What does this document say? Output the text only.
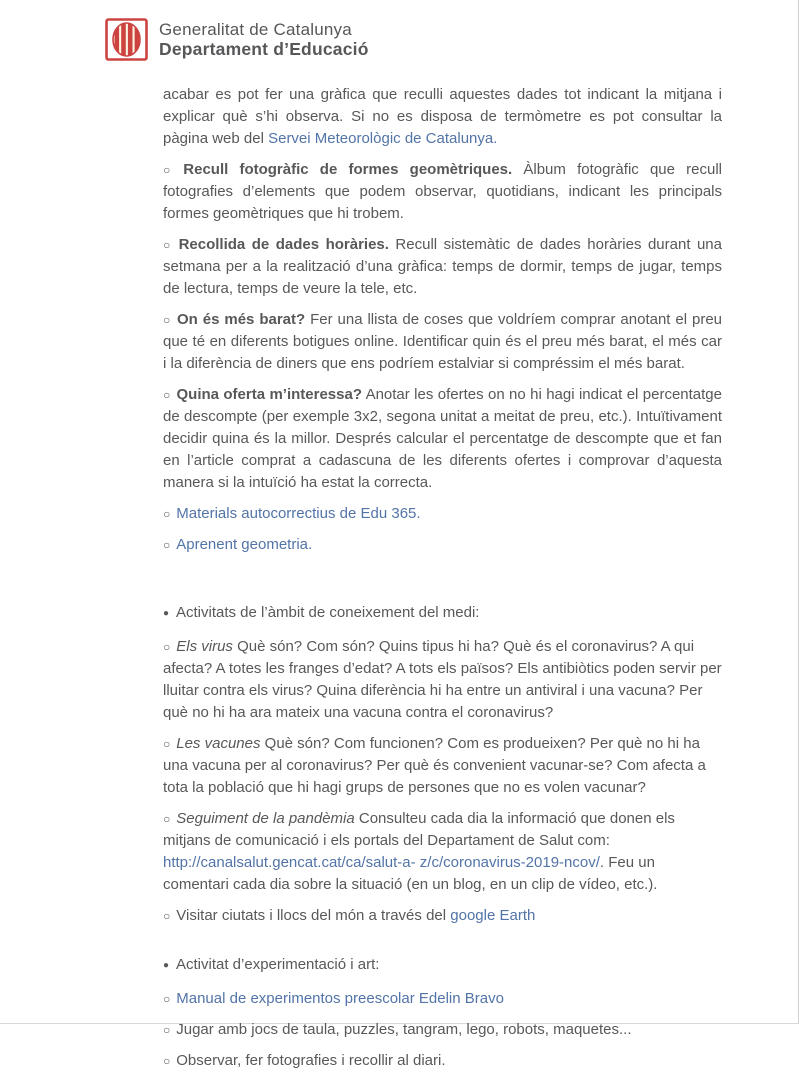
Generalitat de Catalunya
Departament d’Educació

acabar es pot fer una gràfica que reculli aquestes dades tot indicant la mitjana i explicar què s’hi observa. Si no es disposa de termòmetre es pot consultar la pàgina web del Servei Meteorològic de Catalunya.

○ Recull fotogràfic de formes geomètriques. Àlbum fotogràfic que recull fotografies d’elements que podem observar, quotidians, indicant les principals formes geomètriques que hi trobem.

○ Recollida de dades horàries. Recull sistemàtic de dades horàries durant una setmana per a la realització d’una gràfica: temps de dormir, temps de jugar, temps de lectura, temps de veure la tele, etc.

○ On és més barat? Fer una llista de coses que voldríem comprar anotant el preu que té en diferents botigues online. Identificar quin és el preu més barat, el més car i la diferència de diners que ens podríem estalviar si compréssim el més barat.

○ Quina oferta m’interessa? Anotar les ofertes on no hi hagi indicat el percentatge de descompte (per exemple 3x2, segona unitat a meitat de preu, etc.). Intuïtivament decidir quina és la millor. Després calcular el percentatge de descompte que et fan en l’article comprat a cadascuna de les diferents ofertes i comprovar d’aquesta manera si la intuïció ha estat la correcta.

○ Materials autocorrectius de Edu 365.

○ Aprenent geometria.

● Activitats de l’àmbit de coneixement del medi:

○ Els virus Què són? Com són? Quins tipus hi ha? Què és el coronavirus? A qui afecta? A totes les franges d’edat? A tots els països? Els antibiòtics poden servir per lluitar contra els virus? Quina diferència hi ha entre un antiviral i una vacuna? Per què no hi ha ara mateix una vacuna contra el coronavirus?

○ Les vacunes Què són? Com funcionen? Com es produeixen? Per què no hi ha una vacuna per al coronavirus? Per què és convenient vacunar-se? Com afecta a tota la població que hi hagi grups de persones que no es volen vacunar?

○ Seguiment de la pandèmia Consulteu cada dia la informació que donen els mitjans de comunicació i els portals del Departament de Salut com: http://canalsalut.gencat.cat/ca/salut-a- z/c/coronavirus-2019-ncov/. Feu un comentari cada dia sobre la situació (en un blog, en un clip de vídeo, etc.).

○ Visitar ciutats i llocs del món a través del google Earth

● Activitat d’experimentació i art:

○ Manual de experimentos preescolar Edelin Bravo

○ Jugar amb jocs de taula, puzzles, tangram, lego, robots, maquetes...

○ Observar, fer fotografies i recollir al diari.
